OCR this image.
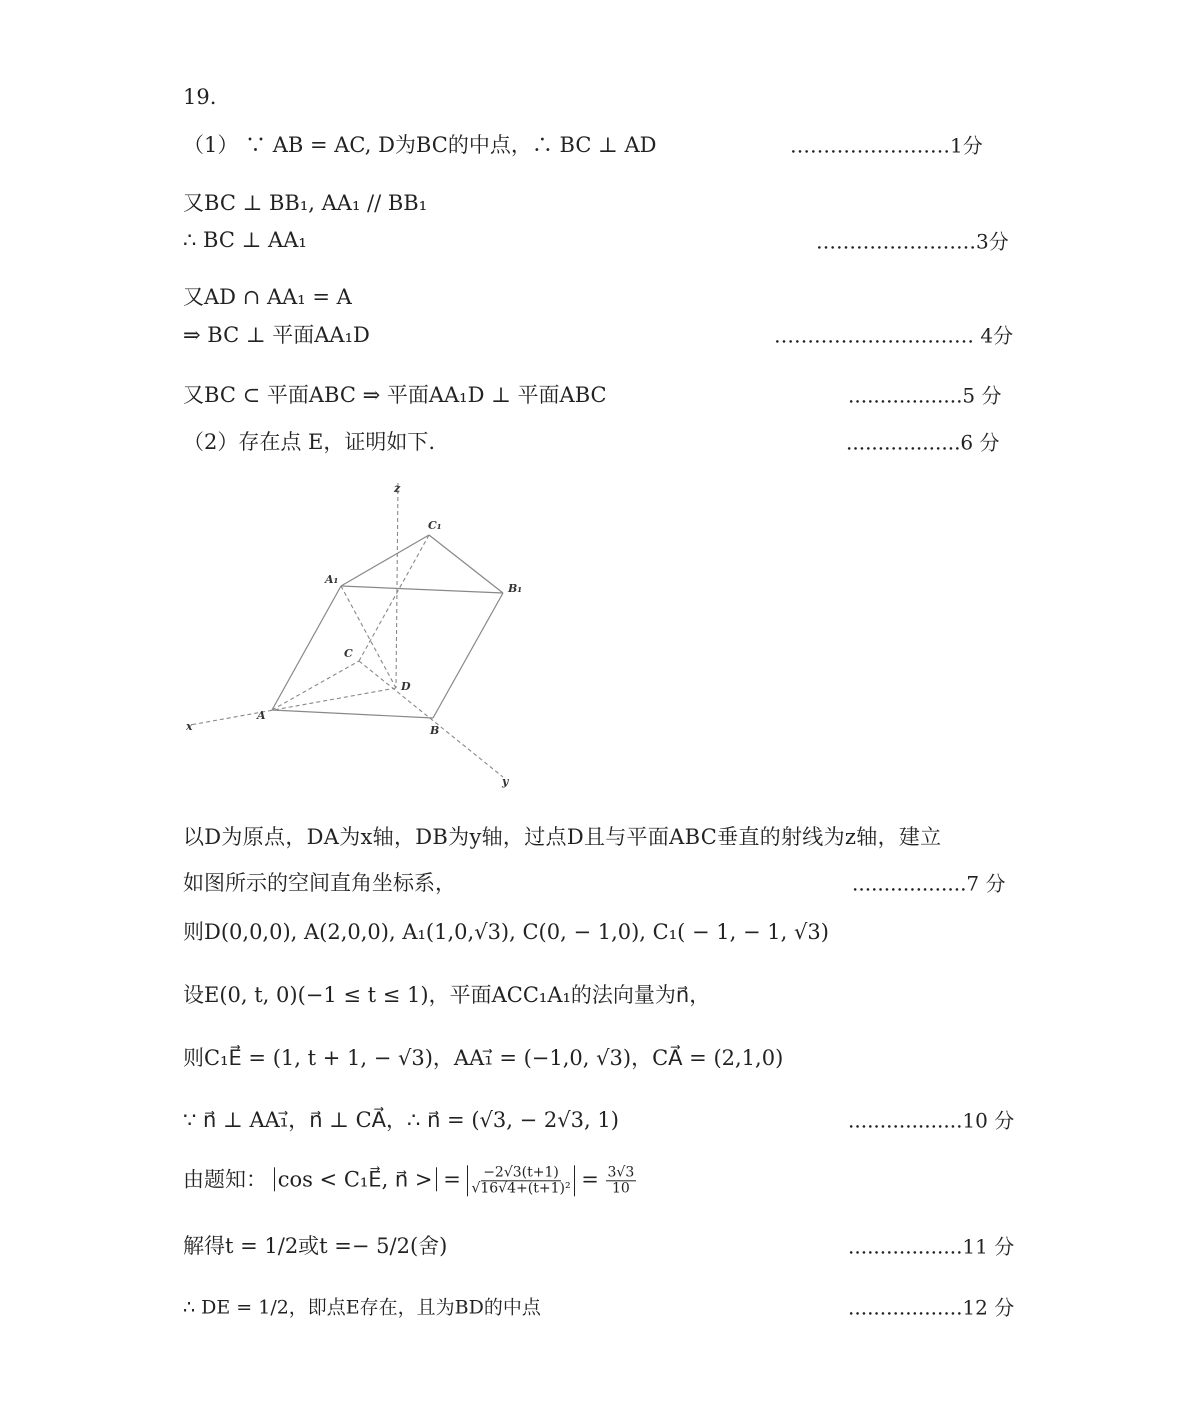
19.
（1） ∵ AB = AC, D为BC的中点，∴ BC ⊥ AD	……………………1分
又BC ⊥ BB₁, AA₁ // BB₁
∴ BC ⊥ AA₁	……………………3分
又AD ∩ AA₁ = A
⇒ BC ⊥ 平面AA₁D	………………………… 4分
又BC ⊂ 平面ABC ⇒ 平面AA₁D ⊥ 平面ABC	..................5 分
（2）存在点 E，证明如下.	..................6 分
z
x
y
A
B
C
D
A₁
B₁
C₁
以D为原点，DA为x轴，DB为y轴，过点D且与平面ABC垂直的射线为z轴，建立
如图所示的空间直角坐标系，	..................7 分
则D(0,0,0), A(2,0,0), A₁(1,0,√3), C(0, − 1,0), C₁( − 1, − 1, √3)
设E(0, t, 0)(−1 ≤ t ≤ 1)，平面ACC₁A₁的法向量为n⃗，
则C₁E⃗ = (1, t + 1, − √3)，AA₁⃗ = (−1,0, √3)，CA⃗ = (2,1,0)
∵ n⃗ ⊥ AA₁⃗，n⃗ ⊥ CA⃗，∴ n⃗ = (√3, − 2√3, 1)	..................10 分
由题知： cos < C₁E⃗, n⃗ > = $\frac{-2√3(t+1)}{\text{√16√4+(t+1)²}} = \frac{3√3}{10}$
解得t = 1/2或t =− 5/2(舍)	..................11 分
∴ DE = 1/2，即点E存在，且为BD的中点	..................12 分
